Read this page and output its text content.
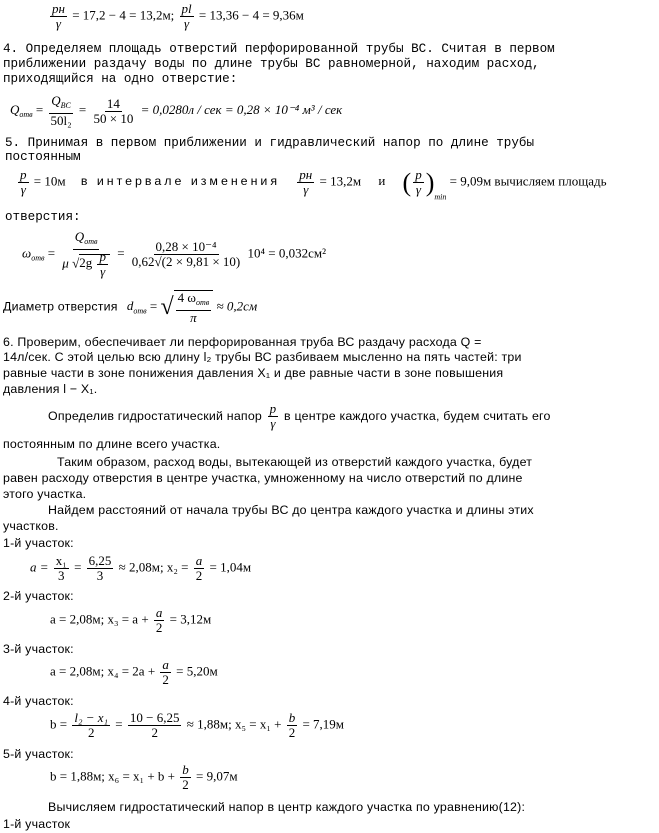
$\frac{pн}{\gamma} = 17,2 - 4 = 13,2м$; $\frac{pl}{\gamma} = 13,36 - 4 = 9,36м$
4. Определяем площадь отверстий перфорированной трубы ВС. Считая в первом
приближении раздачу воды по длине трубы ВС равномерной, находим расход,
приходящийся на одно отверстие:
$Q_{отв} = \frac{Q_{BC}}{\text{50l₂}} = \frac{14}{50 \times 10} = 0,0280л$ / сек = 0,28 × 10⁻⁴ м³ / сек
5. Принимая в первом приближении и гидравлический напор по длине трубы
постоянным
$\frac{p}{\gamma} = 10м$ в интервале изменения $\frac{pн}{\gamma} = 13,2м$ и ( $\frac{p}{\gamma} )_{min} = 9,09м$ вычисляем площадь
отверстия:
$\omega_{отв} = \frac{Q_{отв}}{\mu √2g \frac{p}{\gamma}} = \frac{\text{0,28 × 10⁻⁴}}{0,62√(2 \times 9,81 \times 10)} 10^4 = 0,032см^2$
Диаметр отверстия $d_{отв}$ = √ $\frac{4 \omega_{отв}}{\pi} \approx 0,2см$
6. Проверим, обеспечивает ли перфорированная труба ВС раздачу расхода Q =
14л/сек. С этой целью всю длину l₂ трубы ВС разбиваем мысленно на пять частей: три
равные части в зоне понижения давления X₁ и две равные части в зоне повышения
давления l − X₁.
Определив гидростатический напор $\frac{p}{\gamma}$ в центре каждого участка, будем считать его
постоянным по длине всего участка.
Таким образом, расход воды, вытекающей из отверстий каждого участка, будет
равен расходу отверстия в центре участка, умноженному на число отверстий по длине
этого участка.
Найдем расстояний от начала трубы ВС до центра каждого участка и длины этих
участков.
1-й участок:
$a = \frac{\text{x₁}}{3} = \frac{6,25}{3} \approx 2,08м$; $x_2 = \frac{a}{2} = 1,04м$
2-й участок:
a = 2,08м; $x_3 = a + \frac{a}{2} = 3,12м$
3-й участок:
a = 2,08м; $x_4 = 2a + \frac{a}{2} = 5,20м$
4-й участок:
$b = \frac{\text{l₂ − x₁}}{2} = \frac{10 - 6,25}{2} \approx 1,88м$; $x_5 = x_1 + \frac{b}{2} = 7,19м$
5-й участок:
b = 1,88м; $x_6 = x_1 + b + \frac{b}{2} = 9,07м$
Вычисляем гидростатический напор в центр каждого участка по уравнению(12):
1-й участок
